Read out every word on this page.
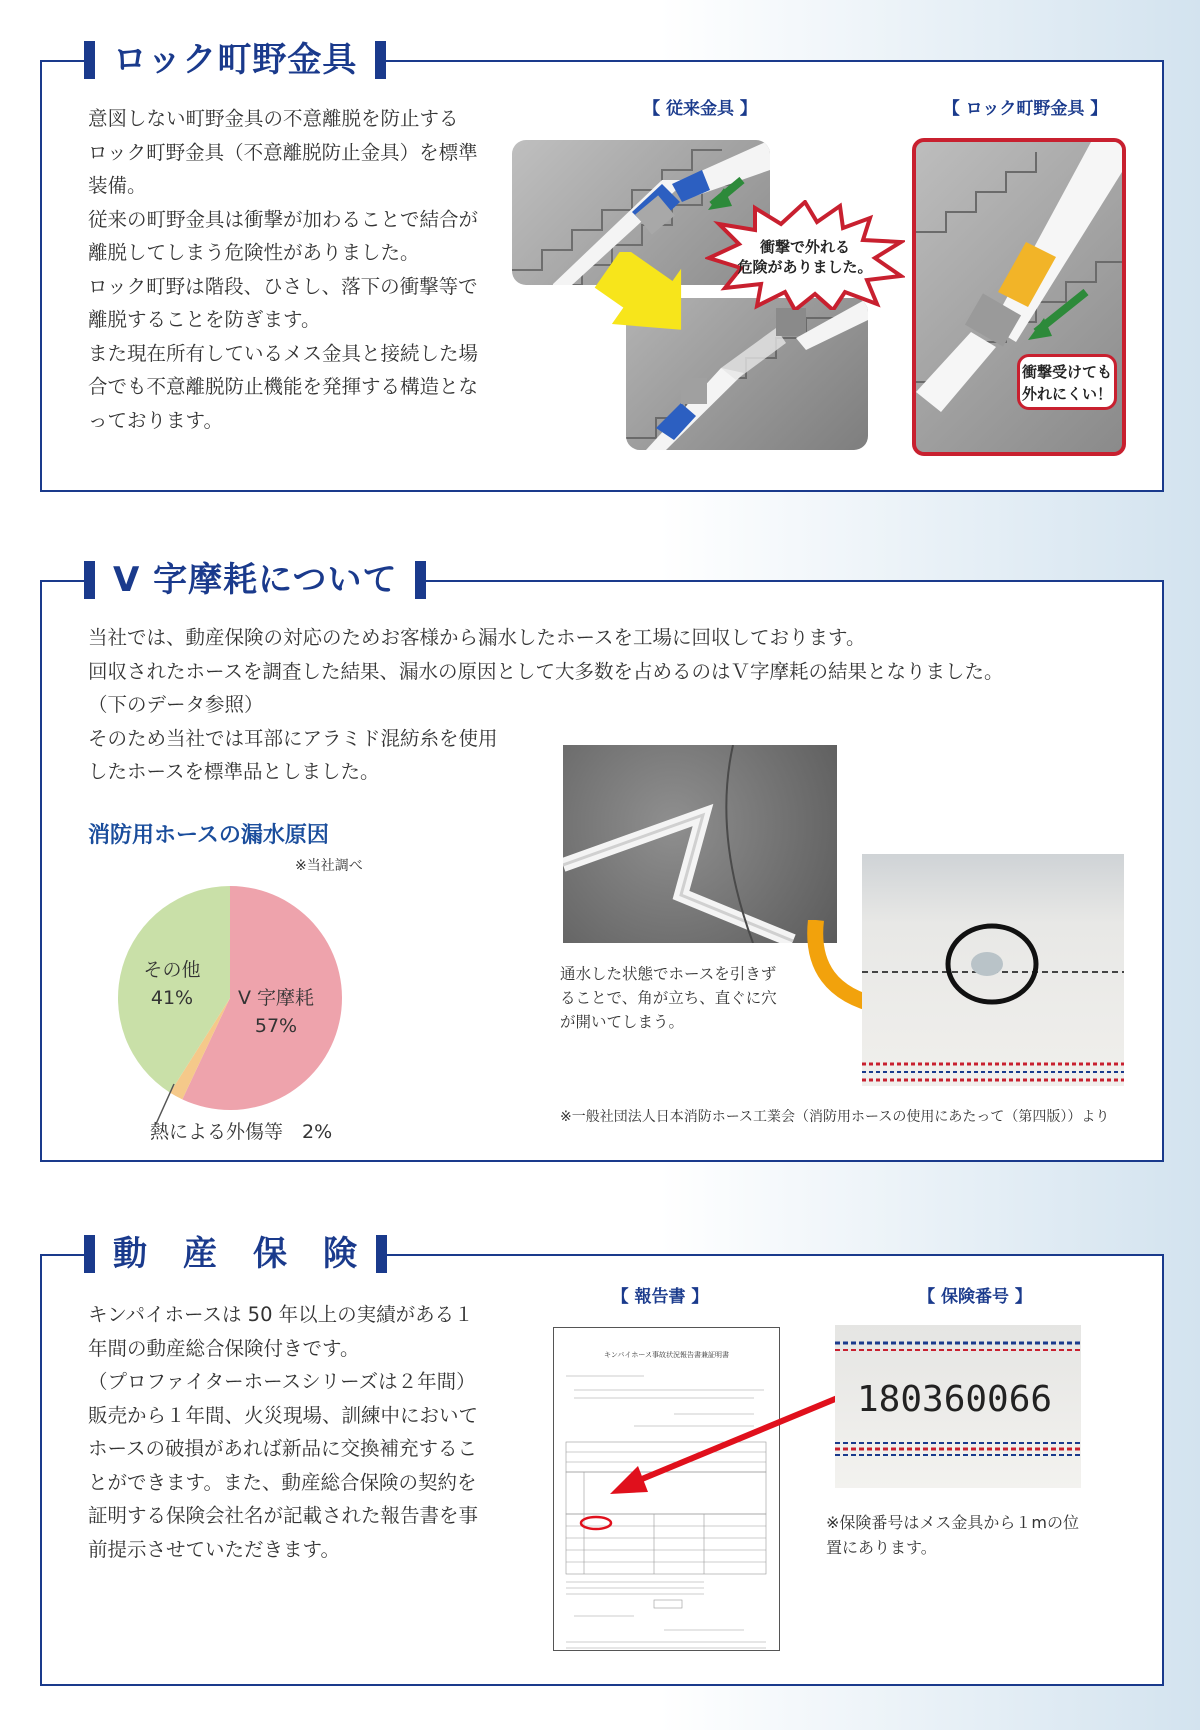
ロック町野金具

意図しない町野金具の不意離脱を防止するロック町野金具（不意離脱防止金具）を標準装備。

従来の町野金具は衝撃が加わることで結合が離脱してしまう危険性がありました。

ロック町野は階段、ひさし、落下の衝撃等で離脱することを防ぎます。

また現在所有しているメス金具と接続した場合でも不意離脱防止機能を発揮する構造となっております。

【 従来金具 】	【 ロック町野金具 】
衝撃で外れる
危険がありました。
衝撃受けても
外れにくい！
V 字摩耗について

当社では、動産保険の対応のためお客様から漏水したホースを工場に回収しております。

回収されたホースを調査した結果、漏水の原因として大多数を占めるのはＶ字摩耗の結果となりました。

（下のデータ参照）

そのため当社では耳部にアラミド混紡糸を使用

したホースを標準品としました。

消防用ホースの漏水原因
※当社調べ
その他
41%	V 字摩耗
57%
熱による外傷等　 2%
通水した状態でホースを引きずることで、角が立ち、直ぐに穴が開いてしまう。
※一般社団法人日本消防ホース工業会（消防用ホースの使用にあたって（第四版））より
動　産　保　険

キンパイホースは 50 年以上の実績がある１年間の動産総合保険付きです。

（プロファイターホースシリーズは２年間）

販売から１年間、火災現場、訓練中においてホースの破損があれば新品に交換補充することができます。また、動産総合保険の契約を証明する保険会社名が記載された報告書を事前提示させていただきます。

【 報告書 】	【 保険番号 】
キンパイホース事故状況報告書兼証明書
180360066
※保険番号はメス金具から１mの位置にあります。
